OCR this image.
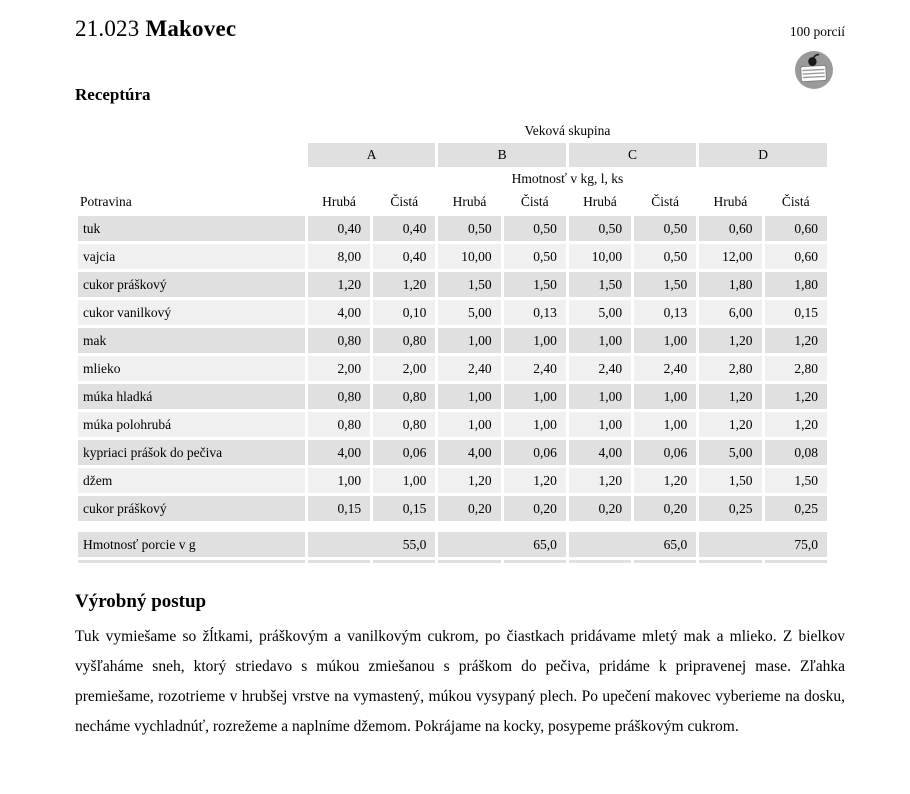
21.023 Makovec	100 porcií
Receptúra
	Veková skupina							
	A		B		C		D	
	Hmotnosť v kg, l, ks							
Potravina	Hrubá	Čistá	Hrubá	Čistá	Hrubá	Čistá	Hrubá	Čistá
tuk	0,40	0,40	0,50	0,50	0,50	0,50	0,60	0,60
vajcia	8,00	0,40	10,00	0,50	10,00	0,50	12,00	0,60
cukor práškový	1,20	1,20	1,50	1,50	1,50	1,50	1,80	1,80
cukor vanilkový	4,00	0,10	5,00	0,13	5,00	0,13	6,00	0,15
mak	0,80	0,80	1,00	1,00	1,00	1,00	1,20	1,20
mlieko	2,00	2,00	2,40	2,40	2,40	2,40	2,80	2,80
múka hladká	0,80	0,80	1,00	1,00	1,00	1,00	1,20	1,20
múka polohrubá	0,80	0,80	1,00	1,00	1,00	1,00	1,20	1,20
kypriaci prášok do pečiva	4,00	0,06	4,00	0,06	4,00	0,06	5,00	0,08
džem	1,00	1,00	1,20	1,20	1,20	1,20	1,50	1,50
cukor práškový	0,15	0,15	0,20	0,20	0,20	0,20	0,25	0,25

Hmotnosť porcie v g	55,0		65,0		65,0		75,0	

Výrobný postup
Tuk vymiešame so žĺtkami, práškovým a vanilkovým cukrom, po čiastkach pridávame mletý mak a mlieko. Z bielkov vyšľaháme sneh, ktorý striedavo s múkou zmiešanou s práškom do pečiva, pridáme k pripravenej mase. Zľahka premiešame, rozotrieme v hrubšej vrstve na vymastený, múkou vysypaný plech. Po upečení makovec vyberieme na dosku, necháme vychladnúť, rozrežeme a naplníme džemom. Pokrájame na kocky, posypeme práškovým cukrom.
